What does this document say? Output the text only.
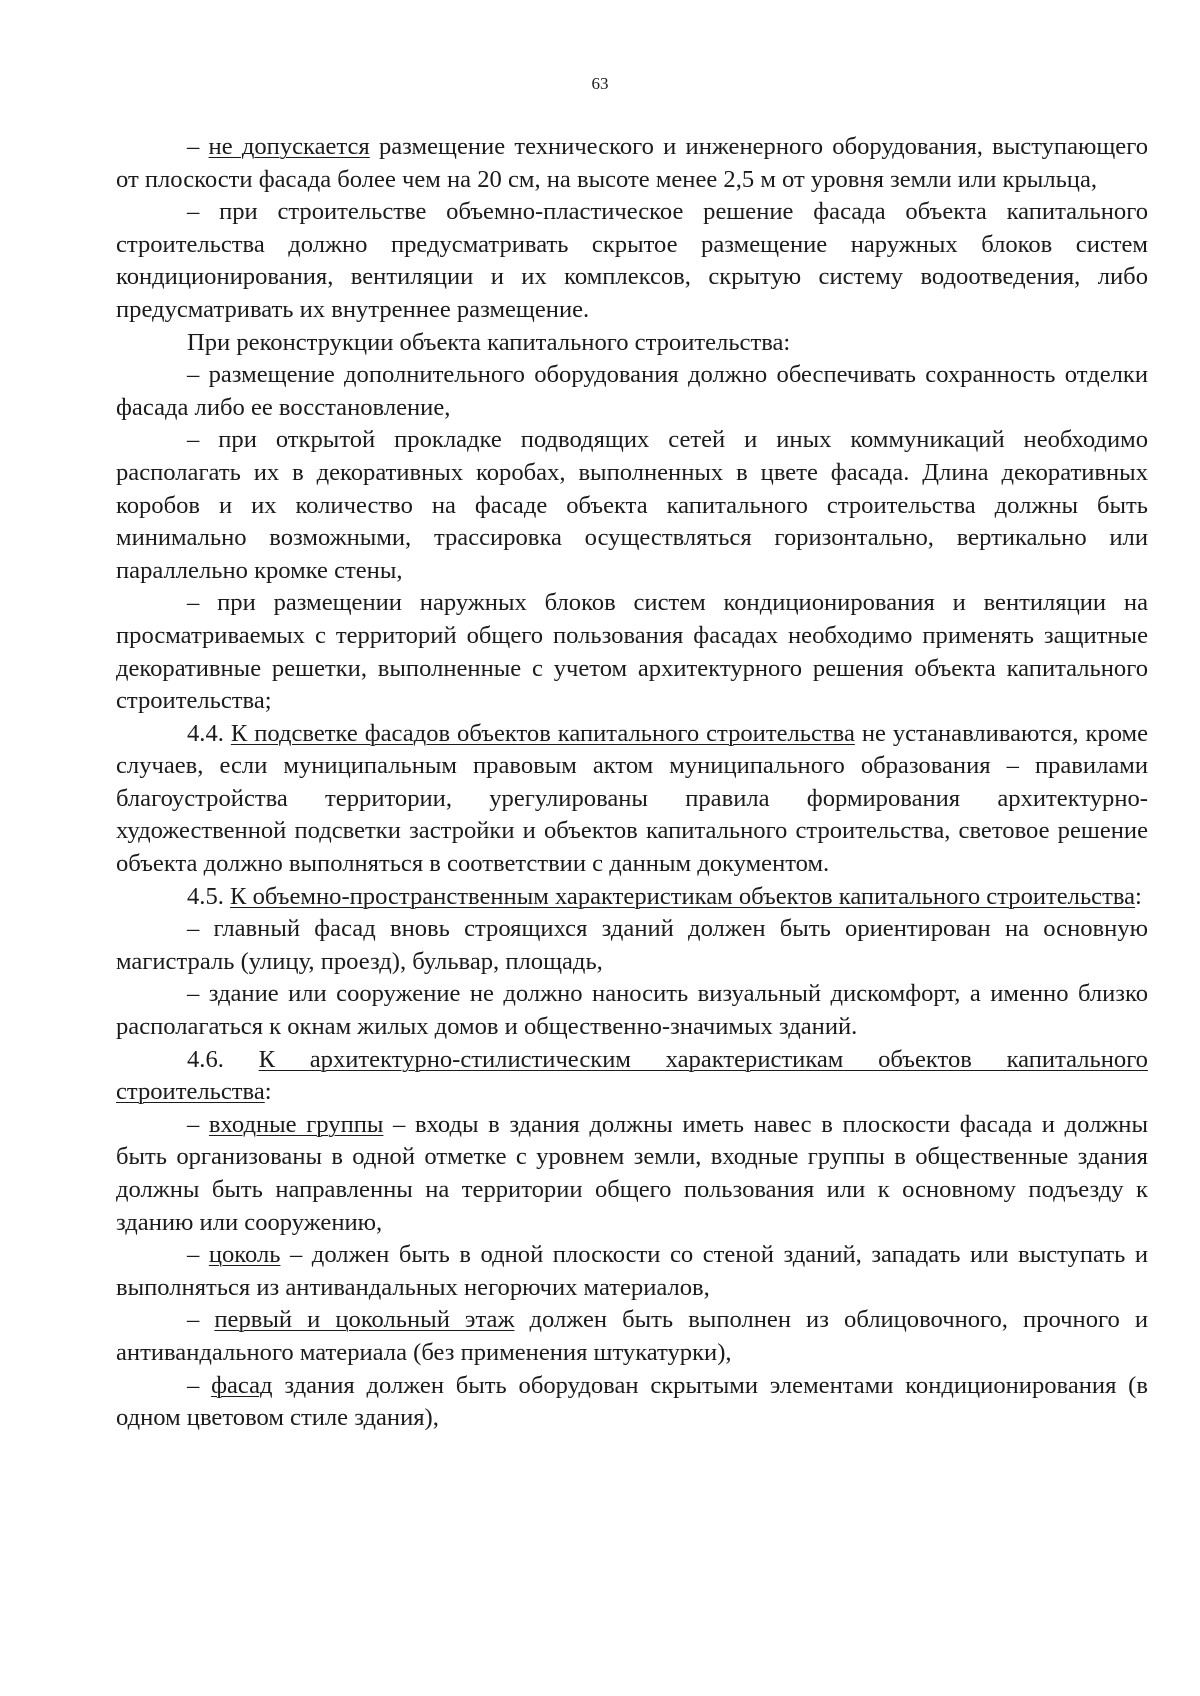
63

– не допускается размещение технического и инженерного оборудования, выступающего от плоскости фасада более чем на 20 см, на высоте менее 2,5 м от уровня земли или крыльца,

– при строительстве объемно-пластическое решение фасада объекта капитального строительства должно предусматривать скрытое размещение наружных блоков систем кондиционирования, вентиляции и их комплексов, скрытую систему водоотведения, либо предусматривать их внутреннее размещение.

При реконструкции объекта капитального строительства:

– размещение дополнительного оборудования должно обеспечивать сохранность отделки фасада либо ее восстановление,

– при открытой прокладке подводящих сетей и иных коммуникаций необходимо располагать их в декоративных коробах, выполненных в цвете фасада. Длина декоративных коробов и их количество на фасаде объекта капитального строительства должны быть минимально возможными, трассировка осуществляться горизонтально, вертикально или параллельно кромке стены,

– при размещении наружных блоков систем кондиционирования и вентиляции на просматриваемых с территорий общего пользования фасадах необходимо применять защитные декоративные решетки, выполненные с учетом архитектурного решения объекта капитального строительства;

4.4. К подсветке фасадов объектов капитального строительства не устанавливаются, кроме случаев, если муниципальным правовым актом муниципального образования – правилами благоустройства территории, урегулированы правила формирования архитектурно-художественной подсветки застройки и объектов капитального строительства, световое решение объекта должно выполняться в соответствии с данным документом.

4.5. К объемно-пространственным характеристикам объектов капитального строительства:

– главный фасад вновь строящихся зданий должен быть ориентирован на основную магистраль (улицу, проезд), бульвар, площадь,

– здание или сооружение не должно наносить визуальный дискомфорт, а именно близко располагаться к окнам жилых домов и общественно-значимых зданий.

4.6. К архитектурно-стилистическим характеристикам объектов капитального строительства:

– входные группы – входы в здания должны иметь навес в плоскости фасада и должны быть организованы в одной отметке с уровнем земли, входные группы в общественные здания должны быть направленны на территории общего пользования или к основному подъезду к зданию или сооружению,

– цоколь – должен быть в одной плоскости со стеной зданий, западать или выступать и выполняться из антивандальных негорючих материалов,

– первый и цокольный этаж должен быть выполнен из облицовочного, прочного и антивандального материала (без применения штукатурки),

– фасад здания должен быть оборудован скрытыми элементами кондиционирования (в одном цветовом стиле здания),
